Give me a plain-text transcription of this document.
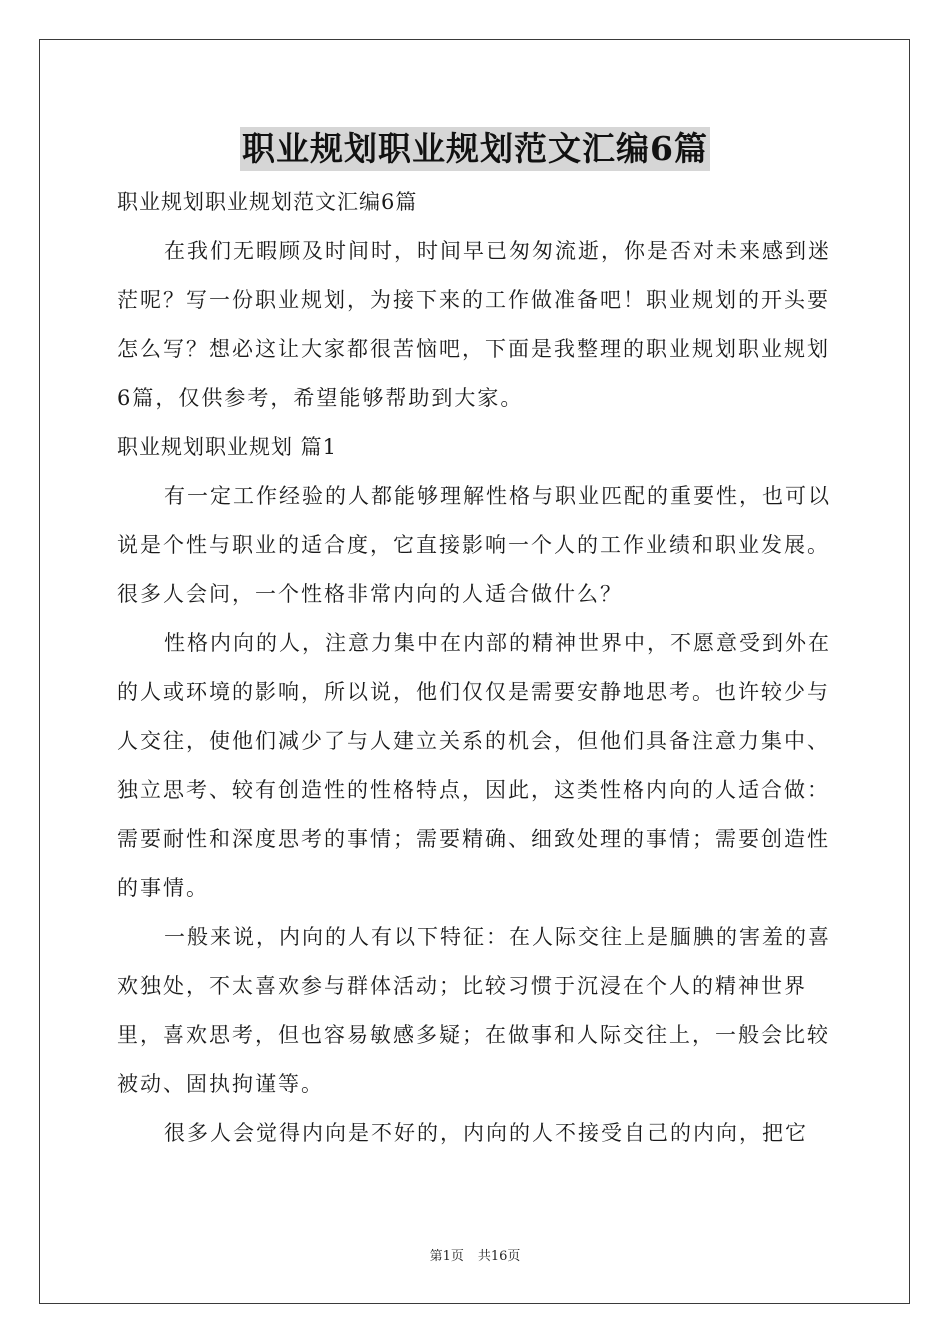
职业规划职业规划范文汇编6篇

职业规划职业规划范文汇编6篇

在我们无暇顾及时间时，时间早已匆匆流逝，你是否对未来感到迷茫呢？写一份职业规划，为接下来的工作做准备吧！职业规划的开头要怎么写？想必这让大家都很苦恼吧，下面是我整理的职业规划职业规划6篇，仅供参考，希望能够帮助到大家。

职业规划职业规划 篇1

有一定工作经验的人都能够理解性格与职业匹配的重要性，也可以说是个性与职业的适合度，它直接影响一个人的工作业绩和职业发展。很多人会问，一个性格非常内向的人适合做什么？

性格内向的人，注意力集中在内部的精神世界中，不愿意受到外在的人或环境的影响，所以说，他们仅仅是需要安静地思考。也许较少与人交往，使他们减少了与人建立关系的机会，但他们具备注意力集中、独立思考、较有创造性的性格特点，因此，这类性格内向的人适合做：需要耐性和深度思考的事情；需要精确、细致处理的事情；需要创造性的事情。

一般来说，内向的人有以下特征：在人际交往上是腼腆的害羞的喜欢独处，不太喜欢参与群体活动；比较习惯于沉浸在个人的精神世界里，喜欢思考，但也容易敏感多疑；在做事和人际交往上，一般会比较被动、固执拘谨等。

很多人会觉得内向是不好的，内向的人不接受自己的内向，把它

第1页 共16页
